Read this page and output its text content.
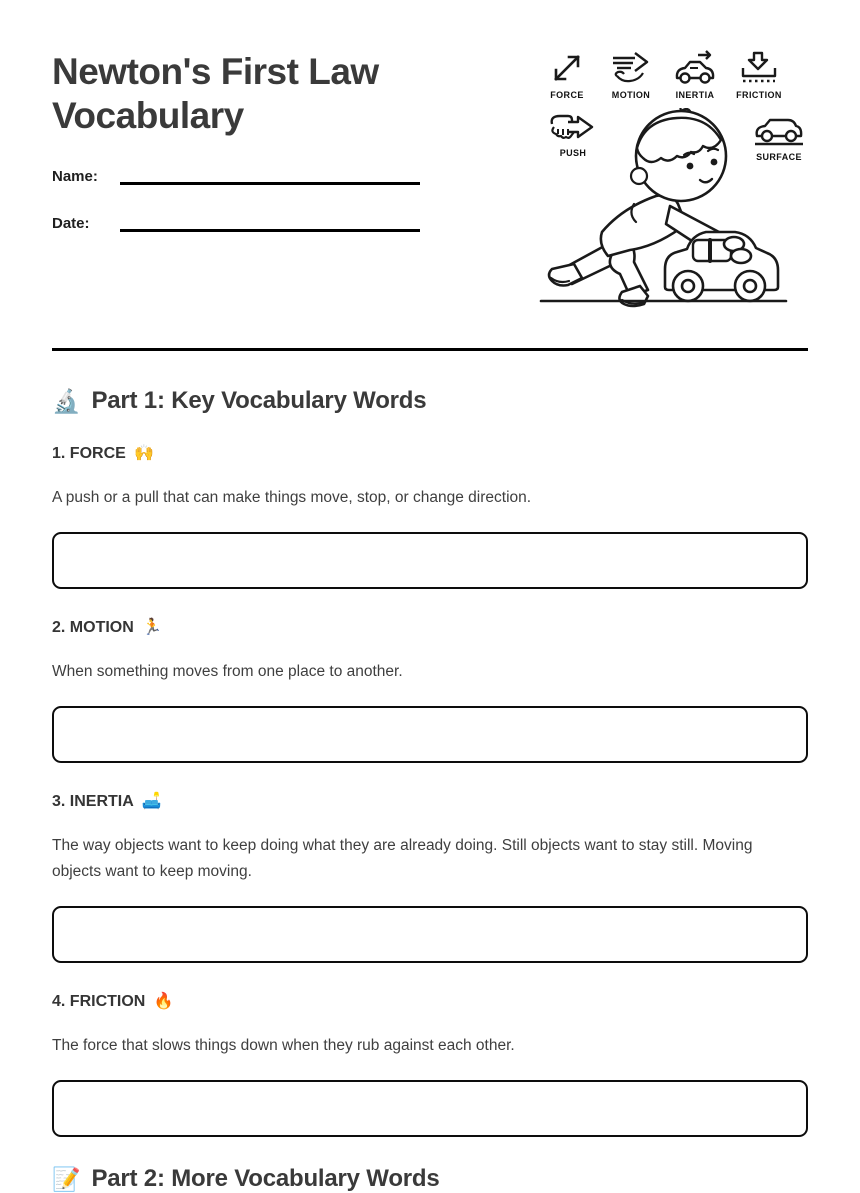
Newton's First Law Vocabulary
Name:
Date:
FORCE	MOTION	INERTIA FRICTION
PUSH	SURFACE
🔬 Part 1: Key Vocabulary Words
1. FORCE 🙌

A push or a pull that can make things move, stop, or change direction.

2. MOTION 🏃

When something moves from one place to another.

3. INERTIA 🛋️

The way objects want to keep doing what they are already doing. Still objects want to stay still. Moving objects want to keep moving.

4. FRICTION 🔥

The force that slows things down when they rub against each other.

📝 Part 2: More Vocabulary Words
